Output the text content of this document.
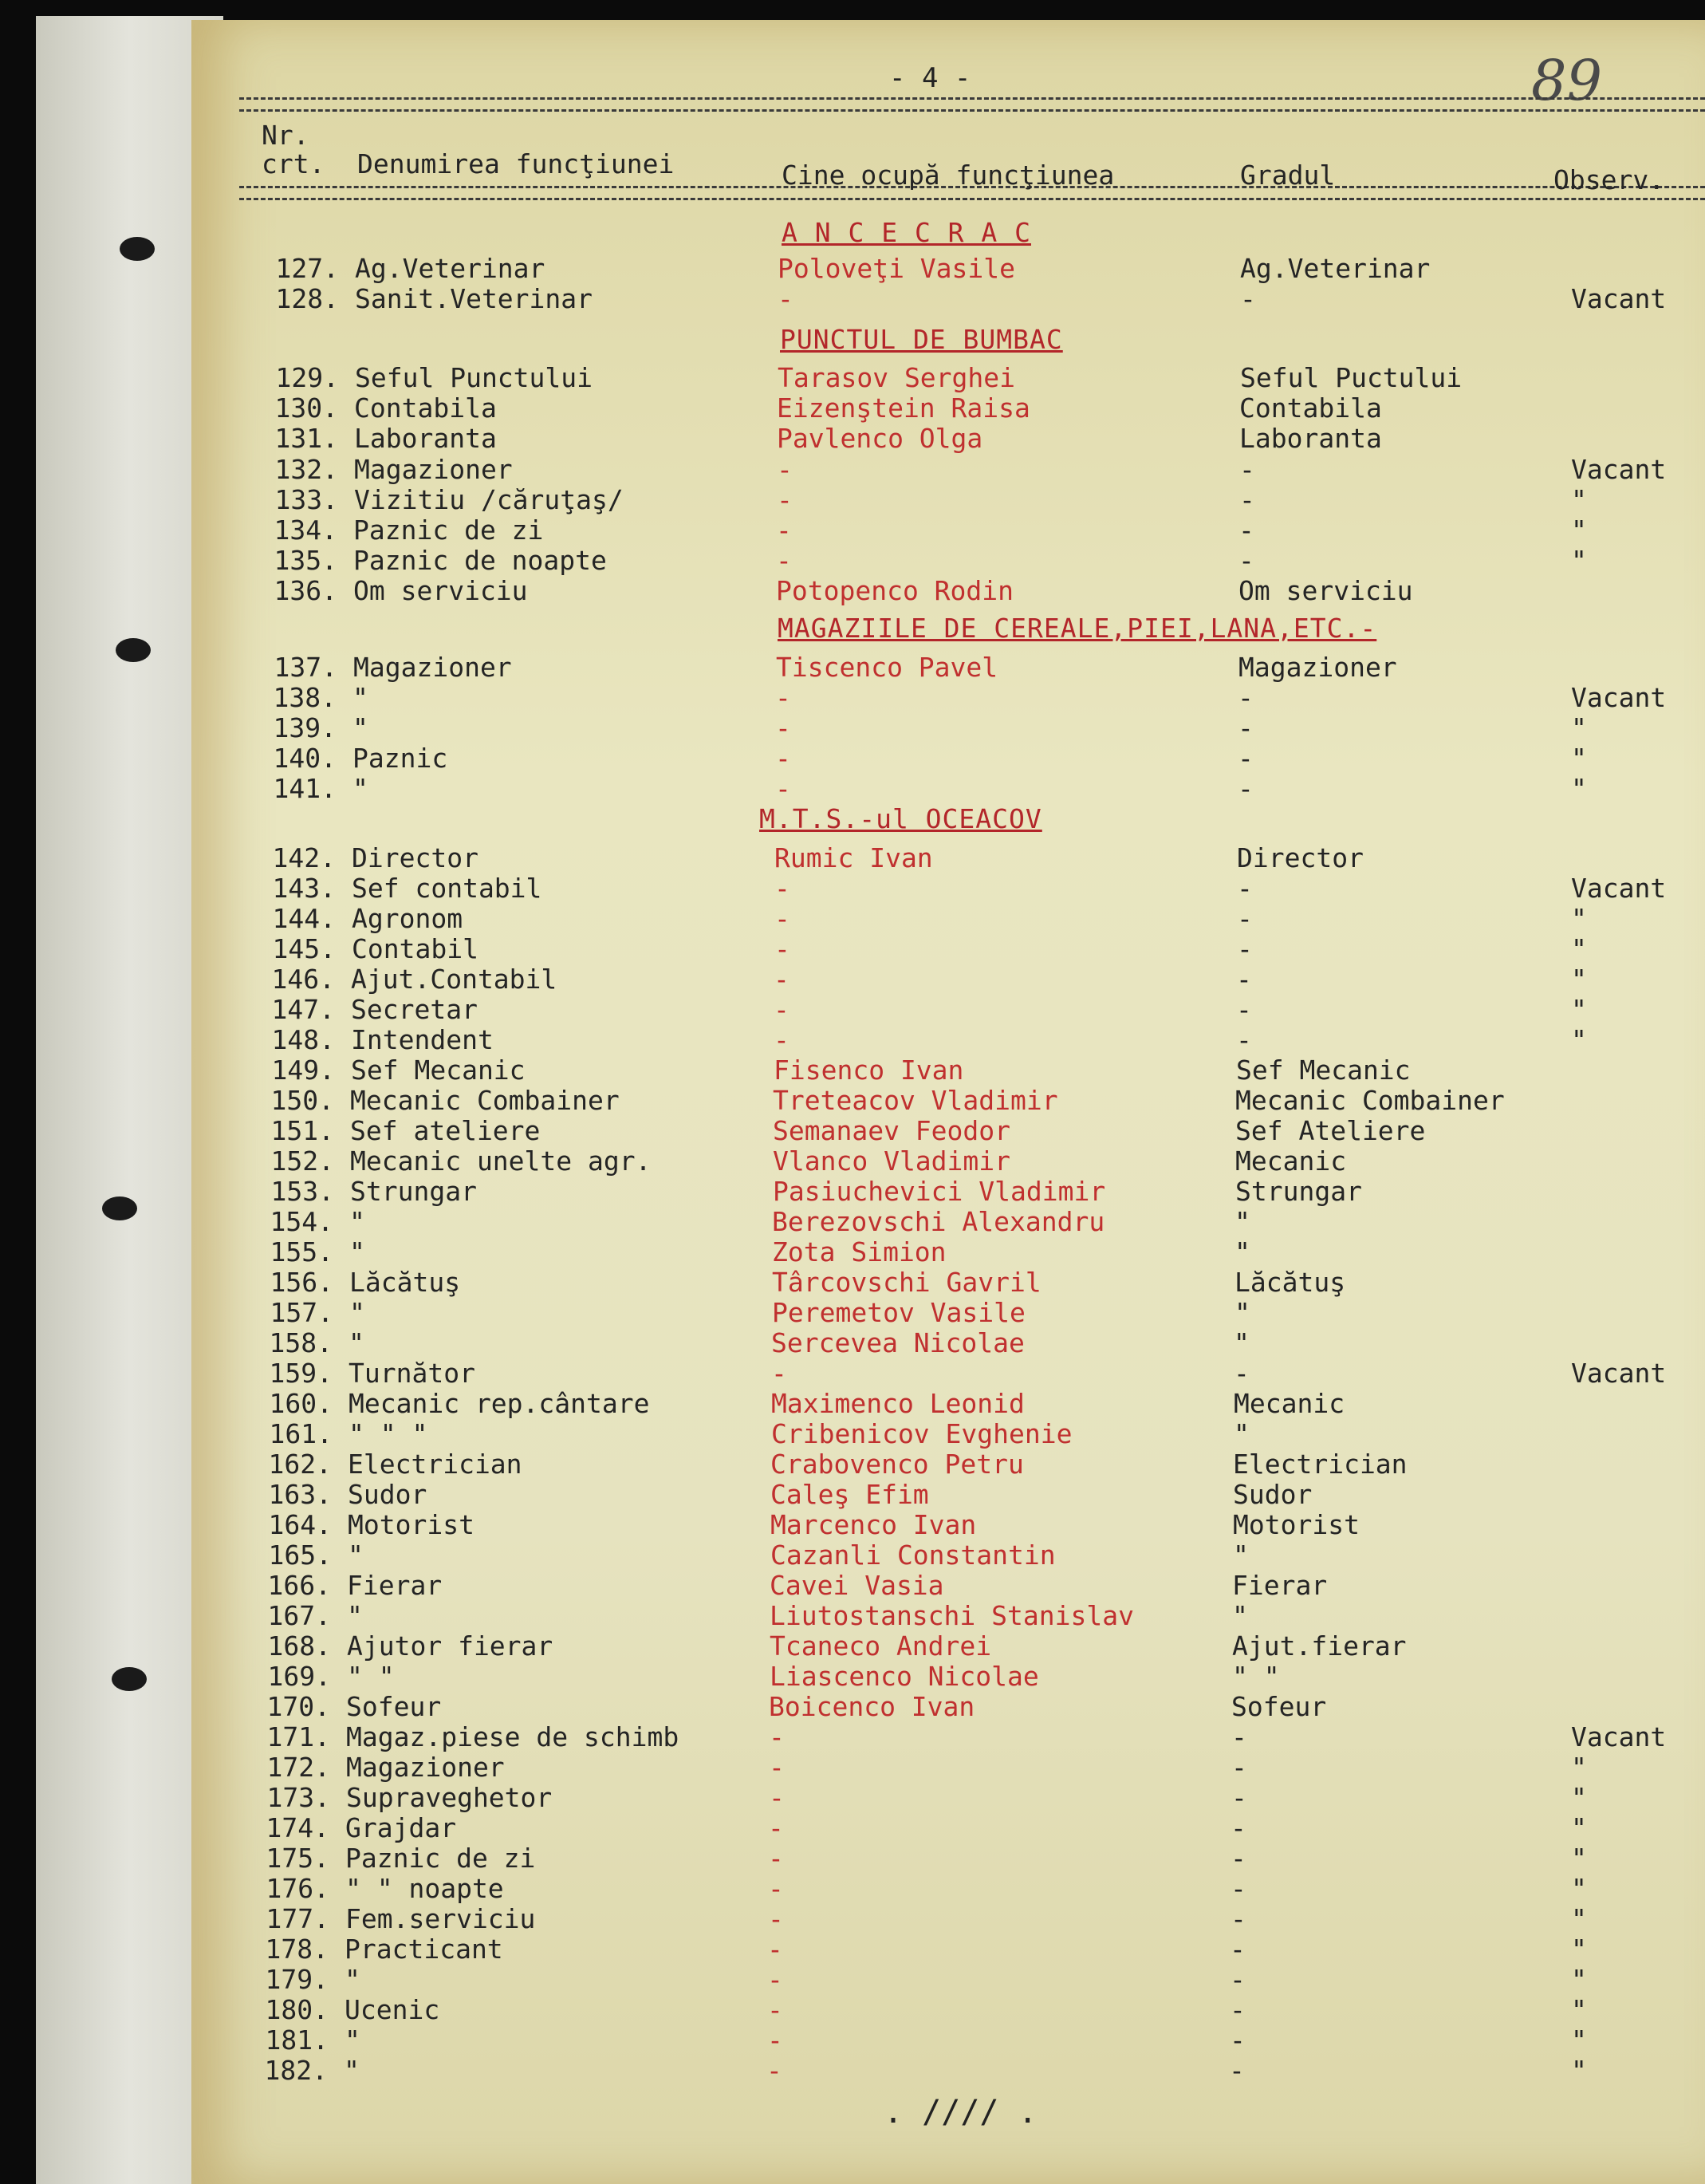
- 4 -	89
Nr.
crt. Denumirea funcţiunei	Cine ocupă funcţiunea	Gradul	Observ.
A N C E C R A C
PUNCTUL DE BUMBAC
MAGAZIILE DE CEREALE,PIEI,LANA,ETC.-
M.T.S.-ul OCEACOV
127. Ag.Veterinar	Poloveţi Vasile	Ag.Veterinar
128. Sanit.Veterinar	-	-	Vacant
129. Seful Punctului	Tarasov Serghei	Seful Puctului
130. Contabila	Eizenştein Raisa	Contabila
131. Laboranta	Pavlenco Olga	Laboranta
132. Magazioner	-	-	Vacant
133. Vizitiu /căruţaş/	-	-	"
134. Paznic de zi	-	-	"
135. Paznic de noapte	-	-	"
136. Om serviciu	Potopenco Rodin	Om serviciu
137. Magazioner	Tiscenco Pavel	Magazioner
138. "	-	-	Vacant
139. "	-	-	"
140. Paznic	-	-	"
141. "	-	-	"
142. Director	Rumic Ivan	Director
143. Sef contabil	-	-	Vacant
144. Agronom	-	-	"
145. Contabil	-	-	"
146. Ajut.Contabil	-	-	"
147. Secretar	-	-	"
148. Intendent	-	-	"
149. Sef Mecanic	Fisenco Ivan	Sef Mecanic
150. Mecanic Combainer	Treteacov Vladimir	Mecanic Combainer
151. Sef ateliere	Semanaev Feodor	Sef Ateliere
152. Mecanic unelte agr.	Vlanco Vladimir	Mecanic
153. Strungar	Pasiuchevici Vladimir	Strungar
154. "	Berezovschi Alexandru	"
155. "	Zota Simion	"
156. Lăcătuş	Târcovschi Gavril	Lăcătuş
157. "	Peremetov Vasile	"
158. "	Sercevea Nicolae	"
159. Turnător	-	-	Vacant
160. Mecanic rep.cântare	Maximenco Leonid	Mecanic
161. " " "	Cribenicov Evghenie	"
162. Electrician	Crabovenco Petru	Electrician
163. Sudor	Caleş Efim	Sudor
164. Motorist	Marcenco Ivan	Motorist
165. "	Cazanli Constantin	"
166. Fierar	Cavei Vasia	Fierar
167. "	Liutostanschi Stanislav	"
168. Ajutor fierar	Tcaneco Andrei	Ajut.fierar
169. " "	Liascenco Nicolae	" "
170. Sofeur	Boicenco Ivan	Sofeur
171. Magaz.piese de schimb	-	-	Vacant
172. Magazioner	-	-	"
173. Supraveghetor	-	-	"
174. Grajdar	-	-	"
175. Paznic de zi	-	-	"
176. " " noapte	-	-	"
177. Fem.serviciu	-	-	"
178. Practicant	-	-	"
179. "	-	-	"
180. Ucenic	-	-	"
181. "	-	-	"
182. "	-	-	"
. //// .
